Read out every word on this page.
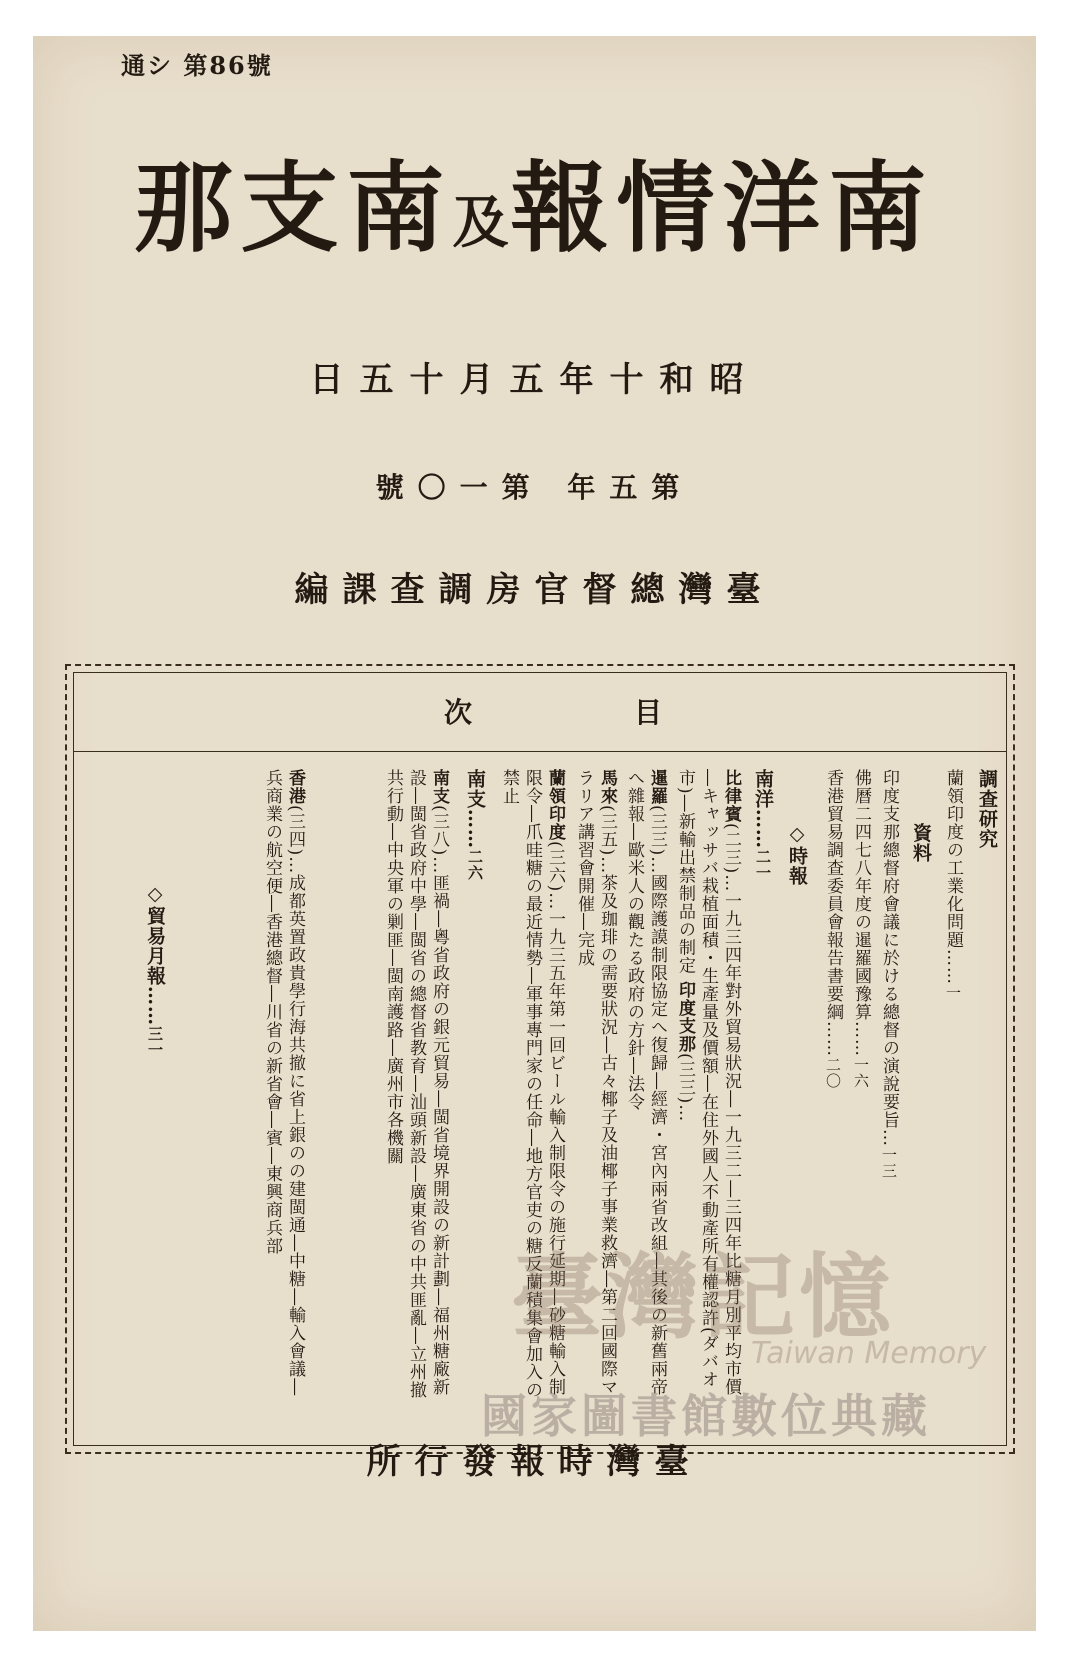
通シ 第86號
南支那及南洋情報
昭和十年五月十五日
第五年 第一〇號
臺灣總督官房調查課編
目
次
調查研究
蘭領印度の工業化問題……一
資料
印度支那總督府會議に於ける總督の演說要旨…一三
佛曆二四七八年度の暹羅國豫算……一六
香港貿易調查委員會報告書要綱……二〇
◇時報
南洋……二一
比律賓(二三)…一九三四年對外貿易狀況―一九三二―三四年比糖月別平均市價―キャッサバ栽植面積・生產量及價額―在住外國人不動產所有權認許(ダバオ市)―新輸出禁制品の制定 印度支那(三三)…
暹羅(三三)…國際護謨制限協定へ復歸―經濟・宮內兩省改組―其後の新舊兩帝へ雜報―歐米人の觀たる政府の方針―法令
馬來(三五)…茶及珈琲の需要狀況―古々椰子及油椰子事業救濟―第二回國際マラリア講習會開催―完成
蘭領印度(三六)…一九三五年第一回ビール輸入制限令の施行延期―砂糖輸入制限令―爪哇糖の最近情勢―軍事專門家の任命―地方官吏の糖反蘭積集會加入の禁止
南支……二六
南支(三八)…匪禍―粵省政府の銀元貿易―閩省境界開設の新計劃―福州糖廠新設―閩省政府中學―閩省の總督省教育―汕頭新設―廣東省の中共匪亂―立州撤共行動―中央軍の剿匪―閩南護路―廣州市各機關
香港(三四)…成都英置政貴學行海共撤に省上銀のの建閩通―中糖―輸入會議―兵商業の航空便―香港總督―川省の新省會―賓―東興商兵部
◇貿易月報……三一
臺灣時報發行所
臺灣記憶
Taiwan Memory
國家圖書館數位典藏
